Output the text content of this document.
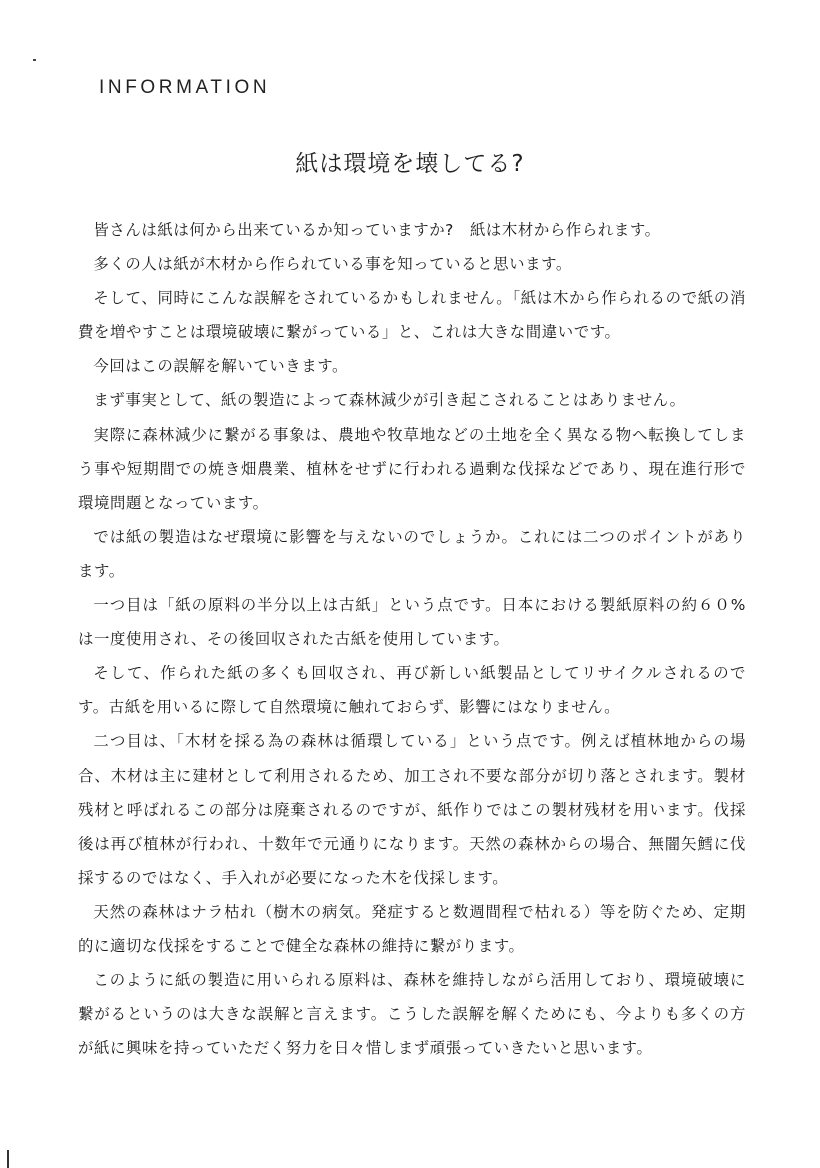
INFORMATION
紙は環境を壊してる?

皆さんは紙は何から出来ているか知っていますか?　紙は木材から作られます。

多くの人は紙が木材から作られている事を知っていると思います。

そして、同時にこんな誤解をされているかもしれません。「紙は木から作られるので紙の消費を増やすことは環境破壊に繋がっている」と、これは大きな間違いです。

今回はこの誤解を解いていきます。

まず事実として、紙の製造によって森林減少が引き起こされることはありません。

実際に森林減少に繋がる事象は、農地や牧草地などの土地を全く異なる物へ転換してしまう事や短期間での焼き畑農業、植林をせずに行われる過剰な伐採などであり、現在進行形で環境問題となっています。

では紙の製造はなぜ環境に影響を与えないのでしょうか。これには二つのポイントがあります。

一つ目は「紙の原料の半分以上は古紙」という点です。日本における製紙原料の約６０%は一度使用され、その後回収された古紙を使用しています。

そして、作られた紙の多くも回収され、再び新しい紙製品としてリサイクルされるのです。古紙を用いるに際して自然環境に触れておらず、影響にはなりません。

二つ目は、「木材を採る為の森林は循環している」という点です。例えば植林地からの場合、木材は主に建材として利用されるため、加工され不要な部分が切り落とされます。製材残材と呼ばれるこの部分は廃棄されるのですが、紙作りではこの製材残材を用います。伐採後は再び植林が行われ、十数年で元通りになります。天然の森林からの場合、無闇矢鱈に伐採するのではなく、手入れが必要になった木を伐採します。

天然の森林はナラ枯れ（樹木の病気。発症すると数週間程で枯れる）等を防ぐため、定期的に適切な伐採をすることで健全な森林の維持に繋がります。

このように紙の製造に用いられる原料は、森林を維持しながら活用しており、環境破壊に繋がるというのは大きな誤解と言えます。こうした誤解を解くためにも、今よりも多くの方が紙に興味を持っていただく努力を日々惜しまず頑張っていきたいと思います。
